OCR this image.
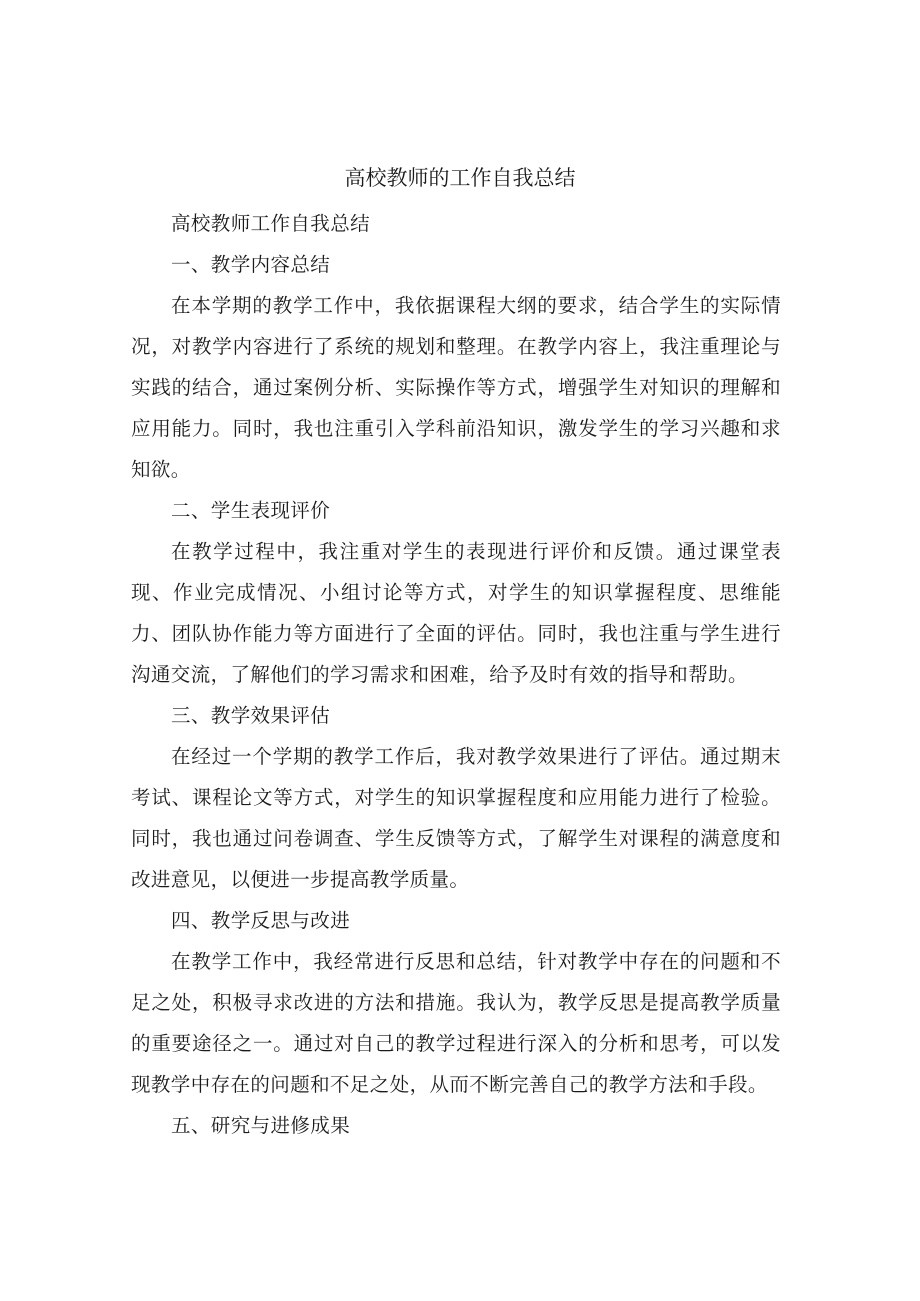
高校教师的工作自我总结

高校教师工作自我总结

一、教学内容总结

在本学期的教学工作中，我依据课程大纲的要求，结合学生的实际情况，对教学内容进行了系统的规划和整理。在教学内容上，我注重理论与实践的结合，通过案例分析、实际操作等方式，增强学生对知识的理解和应用能力。同时，我也注重引入学科前沿知识，激发学生的学习兴趣和求知欲。

二、学生表现评价

在教学过程中，我注重对学生的表现进行评价和反馈。通过课堂表现、作业完成情况、小组讨论等方式，对学生的知识掌握程度、思维能力、团队协作能力等方面进行了全面的评估。同时，我也注重与学生进行沟通交流，了解他们的学习需求和困难，给予及时有效的指导和帮助。

三、教学效果评估

在经过一个学期的教学工作后，我对教学效果进行了评估。通过期末考试、课程论文等方式，对学生的知识掌握程度和应用能力进行了检验。同时，我也通过问卷调查、学生反馈等方式，了解学生对课程的满意度和改进意见，以便进一步提高教学质量。

四、教学反思与改进

在教学工作中，我经常进行反思和总结，针对教学中存在的问题和不足之处，积极寻求改进的方法和措施。我认为，教学反思是提高教学质量的重要途径之一。通过对自己的教学过程进行深入的分析和思考，可以发现教学中存在的问题和不足之处，从而不断完善自己的教学方法和手段。

五、研究与进修成果
